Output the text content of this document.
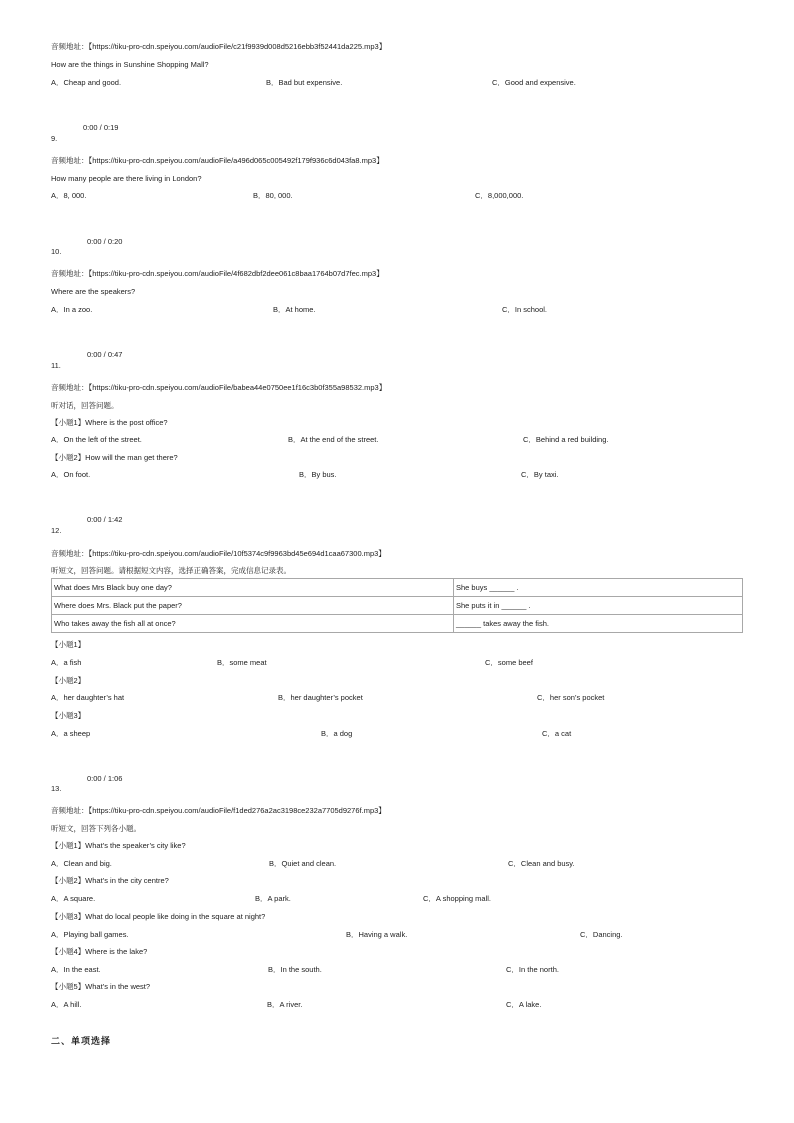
音频地址：【https://tiku-pro-cdn.speiyou.com/audioFile/c21f9939d008d5216ebb3f52441da225.mp3】
How are the things in Sunshine Shopping Mall?
A．Cheap and good.	B．Bad but expensive.	C．Good and expensive.
0:00 / 0:19
9.
音频地址：【https://tiku-pro-cdn.speiyou.com/audioFile/a496d065c005492f179f936c6d043fa8.mp3】
How many people are there living in London?
A．8, 000.	B．80, 000.	C．8,000,000.
0:00 / 0:20
10.
音频地址：【https://tiku-pro-cdn.speiyou.com/audioFile/4f682dbf2dee061c8baa1764b07d7fec.mp3】
Where are the speakers?
A．In a zoo.	B．At home.	C．In school.
0:00 / 0:47
11.
音频地址：【https://tiku-pro-cdn.speiyou.com/audioFile/babea44e0750ee1f16c3b0f355a98532.mp3】
听对话，回答问题。
【小题1】Where is the post office?
A．On the left of the street.	B．At the end of the street.	C．Behind a red building.
【小题2】How will the man get there?
A．On foot.	B．By bus.	C．By taxi.
0:00 / 1:42
12.
音频地址：【https://tiku-pro-cdn.speiyou.com/audioFile/10f5374c9f9963bd45e694d1caa67300.mp3】
听短文，回答问题。请根据短文内容，选择正确答案，完成信息记录表。
What does Mrs Black buy one day?	She buys ______ .
Where does Mrs. Black put the paper?	She puts it in ______ .
Who takes away the fish all at once?	______ takes away the fish.
【小题1】
A．a fish	B．some meat	C．some beef
【小题2】
A．her daughter’s hat	B．her daughter’s pocket	C．her son’s pocket
【小题3】
A．a sheep	B．a dog	C．a cat
0:00 / 1:06
13.
音频地址：【https://tiku-pro-cdn.speiyou.com/audioFile/f1ded276a2ac3198ce232a7705d9276f.mp3】
听短文，回答下列各小题。
【小题1】What’s the speaker’s city like?
A．Clean and big.	B．Quiet and clean.	C．Clean and busy.
【小题2】What’s in the city centre?
A．A square.	B．A park.	C．A shopping mall.
【小题3】What do local people like doing in the square at night?
A．Playing ball games.	B．Having a walk.	C．Dancing.
【小题4】Where is the lake?
A．In the east.	B．In the south.	C．In the north.
【小题5】What’s in the west?
A．A hill.	B．A river.	C．A lake.
二、单项选择
